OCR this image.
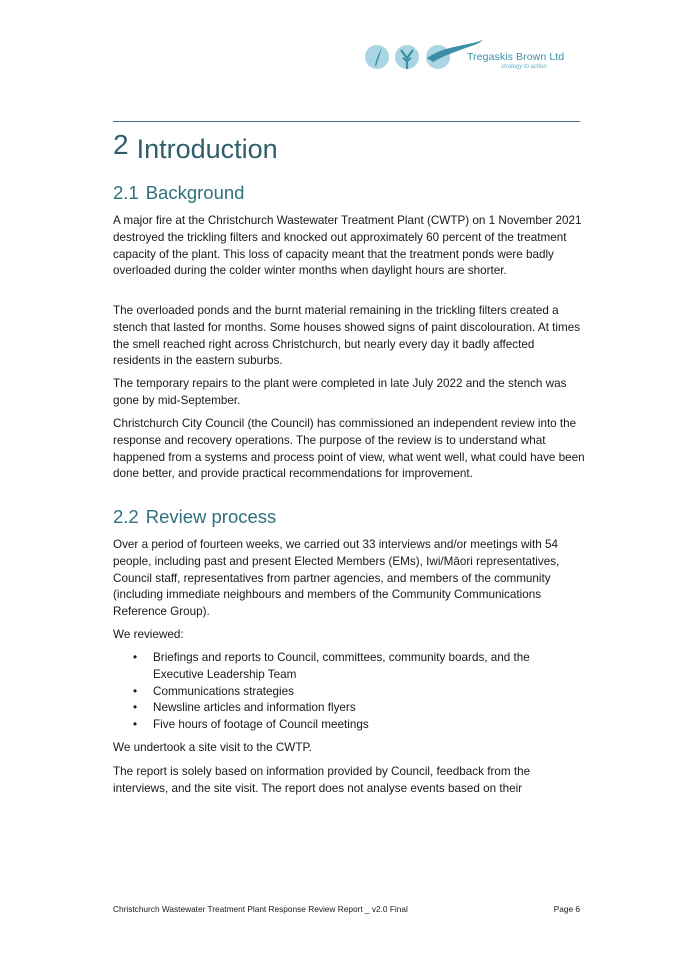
Tregaskis Brown Ltd
strategy to action
2 Introduction
2.1 Background

A major fire at the Christchurch Wastewater Treatment Plant (CWTP) on 1 November 2021 destroyed the trickling filters and knocked out approximately 60 percent of the treatment capacity of the plant. This loss of capacity meant that the treatment ponds were badly overloaded during the colder winter months when daylight hours are shorter.

The overloaded ponds and the burnt material remaining in the trickling filters created a stench that lasted for months. Some houses showed signs of paint discolouration. At times the smell reached right across Christchurch, but nearly every day it badly affected residents in the eastern suburbs.

The temporary repairs to the plant were completed in late July 2022 and the stench was gone by mid-September.

Christchurch City Council (the Council) has commissioned an independent review into the response and recovery operations. The purpose of the review is to understand what happened from a systems and process point of view, what went well, what could have been done better, and provide practical recommendations for improvement.

2.2 Review process

Over a period of fourteen weeks, we carried out 33 interviews and/or meetings with 54 people, including past and present Elected Members (EMs), Iwi/Māori representatives, Council staff, representatives from partner agencies, and members of the community (including immediate neighbours and members of the Community Communications Reference Group).

We reviewed:

• Briefings and reports to Council, committees, community boards, and the Executive Leadership Team
• Communications strategies
• Newsline articles and information flyers
• Five hours of footage of Council meetings

We undertook a site visit to the CWTP.

The report is solely based on information provided by Council, feedback from the interviews, and the site visit. The report does not analyse events based on their

Christchurch Wastewater Treatment Plant Response Review Report _ v2.0 Final	Page 6
